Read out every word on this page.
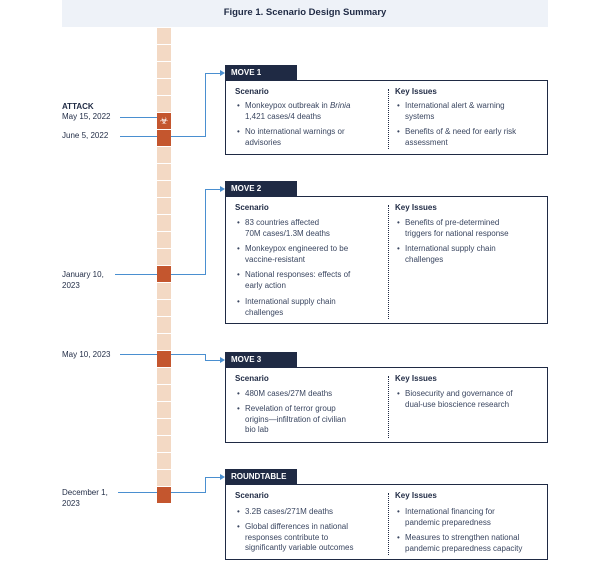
Figure 1. Scenario Design Summary
☣
ATTACK
May 15, 2022
June 5, 2022
January 10,
2023
May 10, 2023
December 1,
2023
MOVE 1
Scenario	Key Issues
• Monkeypox outbreak in Brinia
1,421 cases/4 deaths
• No international warnings or
advisories
• International alert & warning
systems
• Benefits of & need for early risk
assessment
MOVE 2
Scenario	Key Issues
• 83 countries affected
70M cases/1.3M deaths
• Monkeypox engineered to be
vaccine-resistant
• National responses: effects of
early action
• International supply chain
challenges
• Benefits of pre-determined
triggers for national response
• International supply chain
challenges
MOVE 3
Scenario	Key Issues
• 480M cases/27M deaths
• Revelation of terror group
origins—infiltration of civilian
bio lab
• Biosecurity and governance of
dual-use bioscience research
ROUNDTABLE
Scenario	Key Issues
• 3.2B cases/271M deaths
• Global differences in national
responses contribute to
significantly variable outcomes
• International financing for
pandemic preparedness
• Measures to strengthen national
pandemic preparedness capacity
